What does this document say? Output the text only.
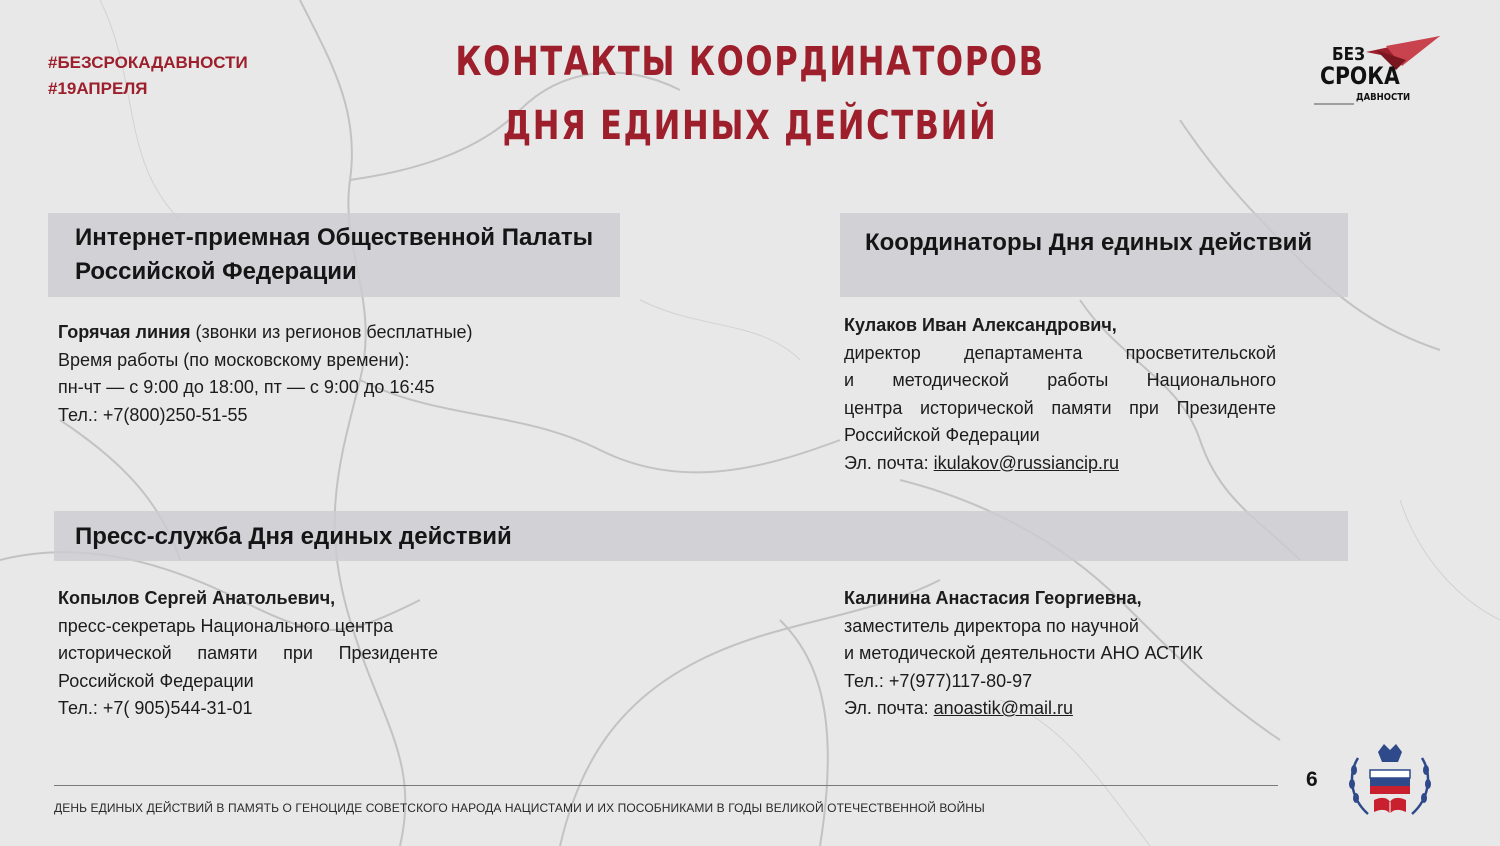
#БЕЗСРОКАДАВНОСТИ
#19АПРЕЛЯ
КОНТАКТЫ КООРДИНАТОРОВ
ДНЯ ЕДИНЫХ ДЕЙСТВИЙ
БЕЗ
СРОКА
ДАВНОСТИ
Интернет-приемная Общественной Палаты
Российской Федерации
Горячая линия (звонки из регионов бесплатные)
Время работы (по московскому времени):
пн-чт — с 9:00 до 18:00, пт — с 9:00 до 16:45
Тел.: +7(800)250-51-55
Координаторы Дня единых действий
Кулаков Иван Александрович,
директор департамента просветительской
и методической работы Национального
центра исторической памяти при Президенте
Российской Федерации
Эл. почта: ikulakov@russiancip.ru
Пресс-служба Дня единых действий
Копылов Сергей Анатольевич,
пресс-секретарь Национального центра
исторической памяти при Президенте
Российской Федерации
Тел.: +7( 905)544-31-01
Калинина Анастасия Георгиевна,
заместитель директора по научной
и методической деятельности АНО АСТИК
Тел.: +7(977)117-80-97
Эл. почта: anoastik@mail.ru
ДЕНЬ ЕДИНЫХ ДЕЙСТВИЙ В ПАМЯТЬ О ГЕНОЦИДЕ СОВЕТСКОГО НАРОДА НАЦИСТАМИ И ИХ ПОСОБНИКАМИ В ГОДЫ ВЕЛИКОЙ ОТЕЧЕСТВЕННОЙ ВОЙНЫ
6
